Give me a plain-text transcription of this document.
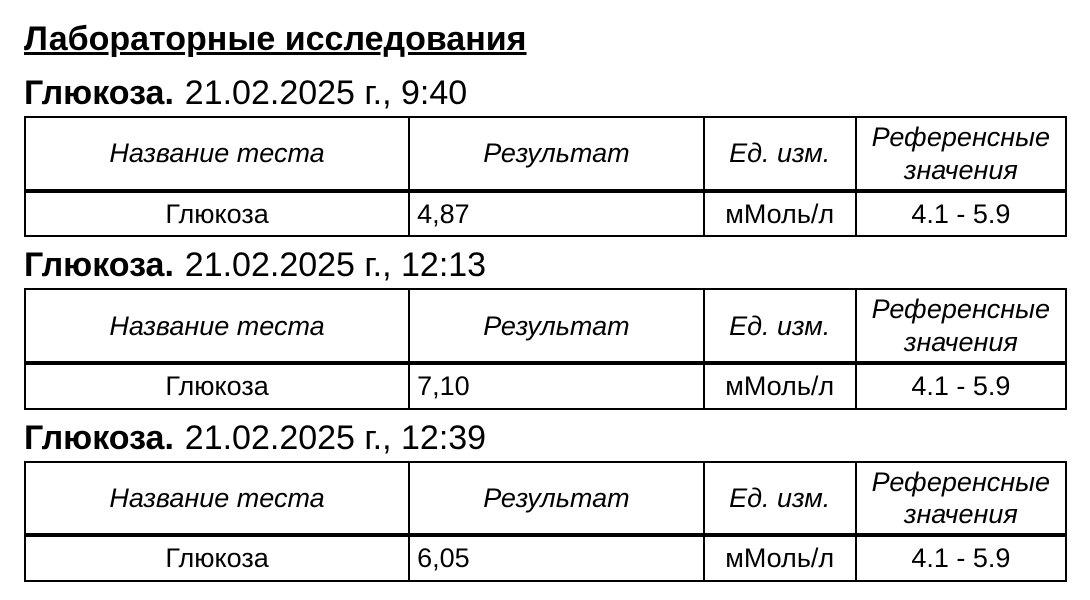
Лабораторные исследования
Глюкоза. 21.02.2025 г., 9:40
Название теста	Результат	Ед. изм.	Референсные значения
Глюкоза	4,87	мМоль/л	4.1 - 5.9
Глюкоза. 21.02.2025 г., 12:13
Название теста	Результат	Ед. изм.	Референсные значения
Глюкоза	7,10	мМоль/л	4.1 - 5.9
Глюкоза. 21.02.2025 г., 12:39
Название теста	Результат	Ед. изм.	Референсные значения
Глюкоза	6,05	мМоль/л	4.1 - 5.9
